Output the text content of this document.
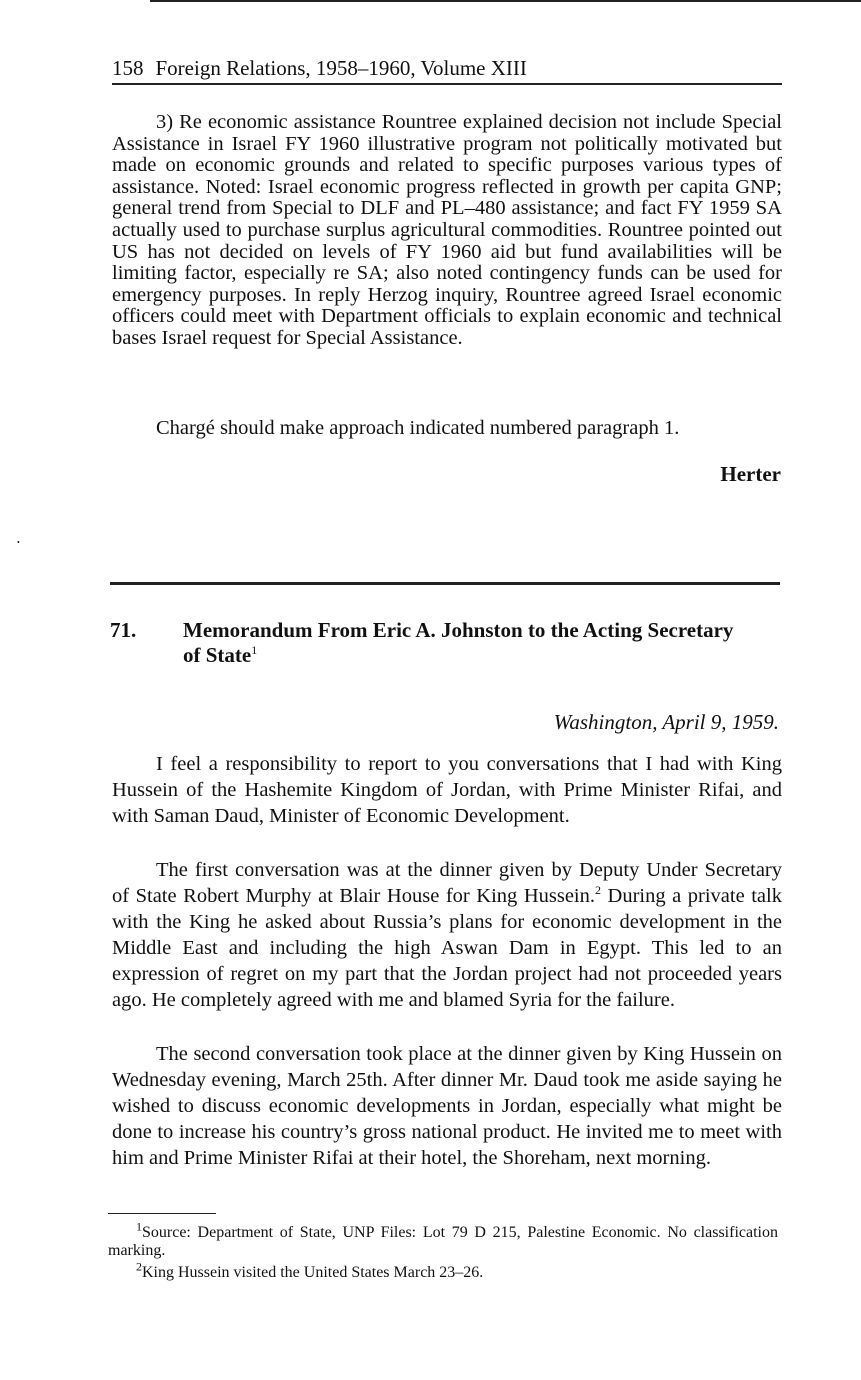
158 Foreign Relations, 1958–1960, Volume XIII

3) Re economic assistance Rountree explained decision not include Special Assistance in Israel FY 1960 illustrative program not politically motivated but made on economic grounds and related to specific purposes various types of assistance. Noted: Israel economic progress reflected in growth per capita GNP; general trend from Special to DLF and PL–480 assistance; and fact FY 1959 SA actually used to purchase surplus agricultural commodities. Rountree pointed out US has not decided on levels of FY 1960 aid but fund availabilities will be limiting factor, especially re SA; also noted contingency funds can be used for emergency purposes. In reply Herzog inquiry, Rountree agreed Israel economic officers could meet with Department officials to explain economic and technical bases Israel request for Special Assistance.

Chargé should make approach indicated numbered paragraph 1.

Herter
•
71. Memorandum From Eric A. Johnston to the Acting Secretary of State$^1$
Washington, April 9, 1959.

I feel a responsibility to report to you conversations that I had with King Hussein of the Hashemite Kingdom of Jordan, with Prime Minister Rifai, and with Saman Daud, Minister of Economic Development.

The first conversation was at the dinner given by Deputy Under Secretary of State Robert Murphy at Blair House for King Hussein.$^2$ During a private talk with the King he asked about Russia’s plans for economic development in the Middle East and including the high Aswan Dam in Egypt. This led to an expression of regret on my part that the Jordan project had not proceeded years ago. He completely agreed with me and blamed Syria for the failure.

The second conversation took place at the dinner given by King Hussein on Wednesday evening, March 25th. After dinner Mr. Daud took me aside saying he wished to discuss economic developments in Jordan, especially what might be done to increase his country’s gross national product. He invited me to meet with him and Prime Minister Rifai at their hotel, the Shoreham, next morning.

$^1$Source: Department of State, UNP Files: Lot 79 D 215, Palestine Economic. No classification marking.

$^2$King Hussein visited the United States March 23–26.
